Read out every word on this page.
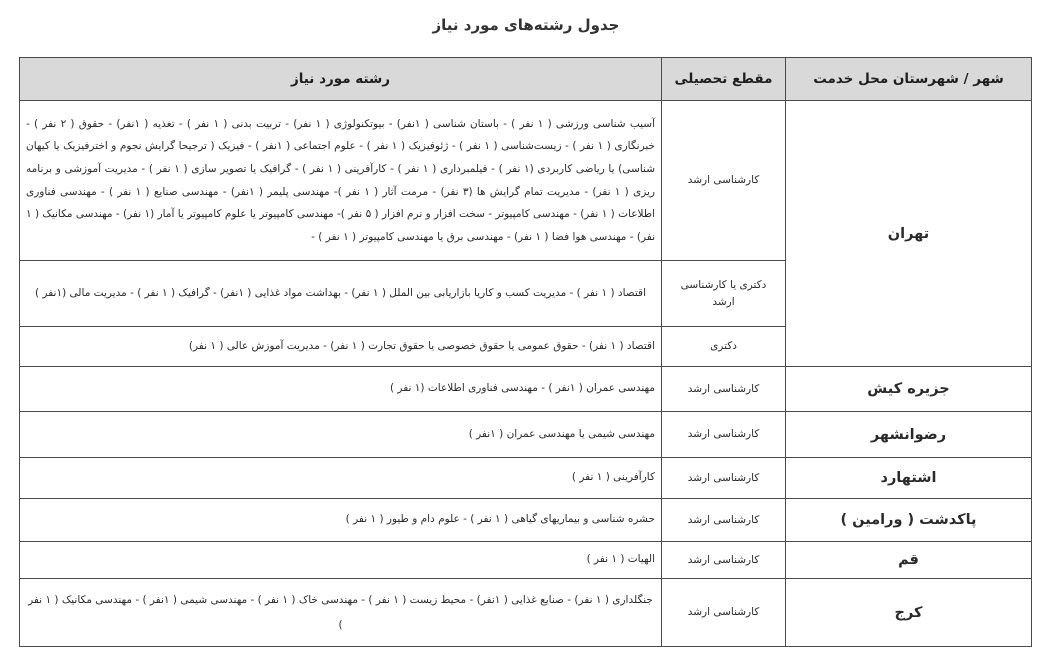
جدول رشته‌های مورد نیاز
شهر / شهرستان محل خدمت	مقطع تحصیلی	رشته مورد نیاز
تهران	کارشناسی ارشد	آسیب شناسی ورزشی ( ۱ نفر ) - باستان شناسی ( ۱نفر) - بیوتکنولوژی ( ۱ نفر) - تربیت بدنی ( ۱ نفر ) - تغذیه ( ۱نفر) - حقوق ( ۲ نفر ) - خبرنگاری ( ۱ نفر ) - زیست‌شناسی ( ۱ نفر ) - ژئوفیزیک ( ۱ نفر ) - علوم اجتماعی ( ۱نفر ) - فیزیک ( ترجیحا گرایش نجوم و اخترفیزیک یا کیهان شناسی) یا ریاضی کاربردی (۱ نفر ) - فیلمبرداری ( ۱ نفر ) - کارآفرینی ( ۱ نفر ) - گرافیک یا تصویر سازی ( ۱ نفر ) - مدیریت آموزشی و برنامه ریزی ( ۱ نفر) - مدیریت تمام گرایش ها (۳ نفر) - مرمت آثار ( ۱ نفر )- مهندسی پلیمر ( ۱نفر) - مهندسی صنایع ( ۱ نفر ) - مهندسی فناوری اطلاعات ( ۱ نفر) - مهندسی کامپیوتر - سخت افزار و نرم افزار ( ۵ نفر )- مهندسی کامپیوتر یا علوم کامپیوتر یا آمار (۱ نفر) - مهندسی مکانیک ( ۱ نفر) - مهندسی هوا فضا ( ۱ نفر) - مهندسی برق یا مهندسی کامپیوتر ( ۱ نفر ) -
	دکتری یا کارشناسی ارشد	اقتصاد ( ۱ نفر ) - مدیریت کسب و کاریا بازاریابی بین الملل ( ۱ نفر) - بهداشت مواد غذایی ( ۱نفر) - گرافیک ( ۱ نفر ) - مدیریت مالی (۱نفر )
	دکتری	اقتصاد ( ۱ نفر) - حقوق عمومی یا حقوق خصوصی یا حقوق تجارت ( ۱ نفر) - مدیریت آموزش عالی ( ۱ نفر)
جزیره کیش	کارشناسی ارشد	مهندسی عمران ( ۱نفر ) - مهندسی فناوری اطلاعات (۱ نفر )
رضوانشهر	کارشناسی ارشد	مهندسی شیمی یا مهندسی عمران ( ۱نفر )
اشتهارد	کارشناسی ارشد	کارآفرینی ( ۱ نفر )
پاکدشت ( ورامین )	کارشناسی ارشد	حشره شناسی و بیماریهای گیاهی ( ۱ نفر ) - علوم دام و طیور ( ۱ نفر )
قم	کارشناسی ارشد	الهیات ( ۱ نفر )
کرج	کارشناسی ارشد	جنگلداری ( ۱ نفر) - صنایع غذایی ( ۱نفر) - محیط زیست ( ۱ نفر ) - مهندسی خاک ( ۱ نفر ) - مهندسی شیمی ( ۱نفر ) - مهندسی مکانیک ( ۱ نفر )
